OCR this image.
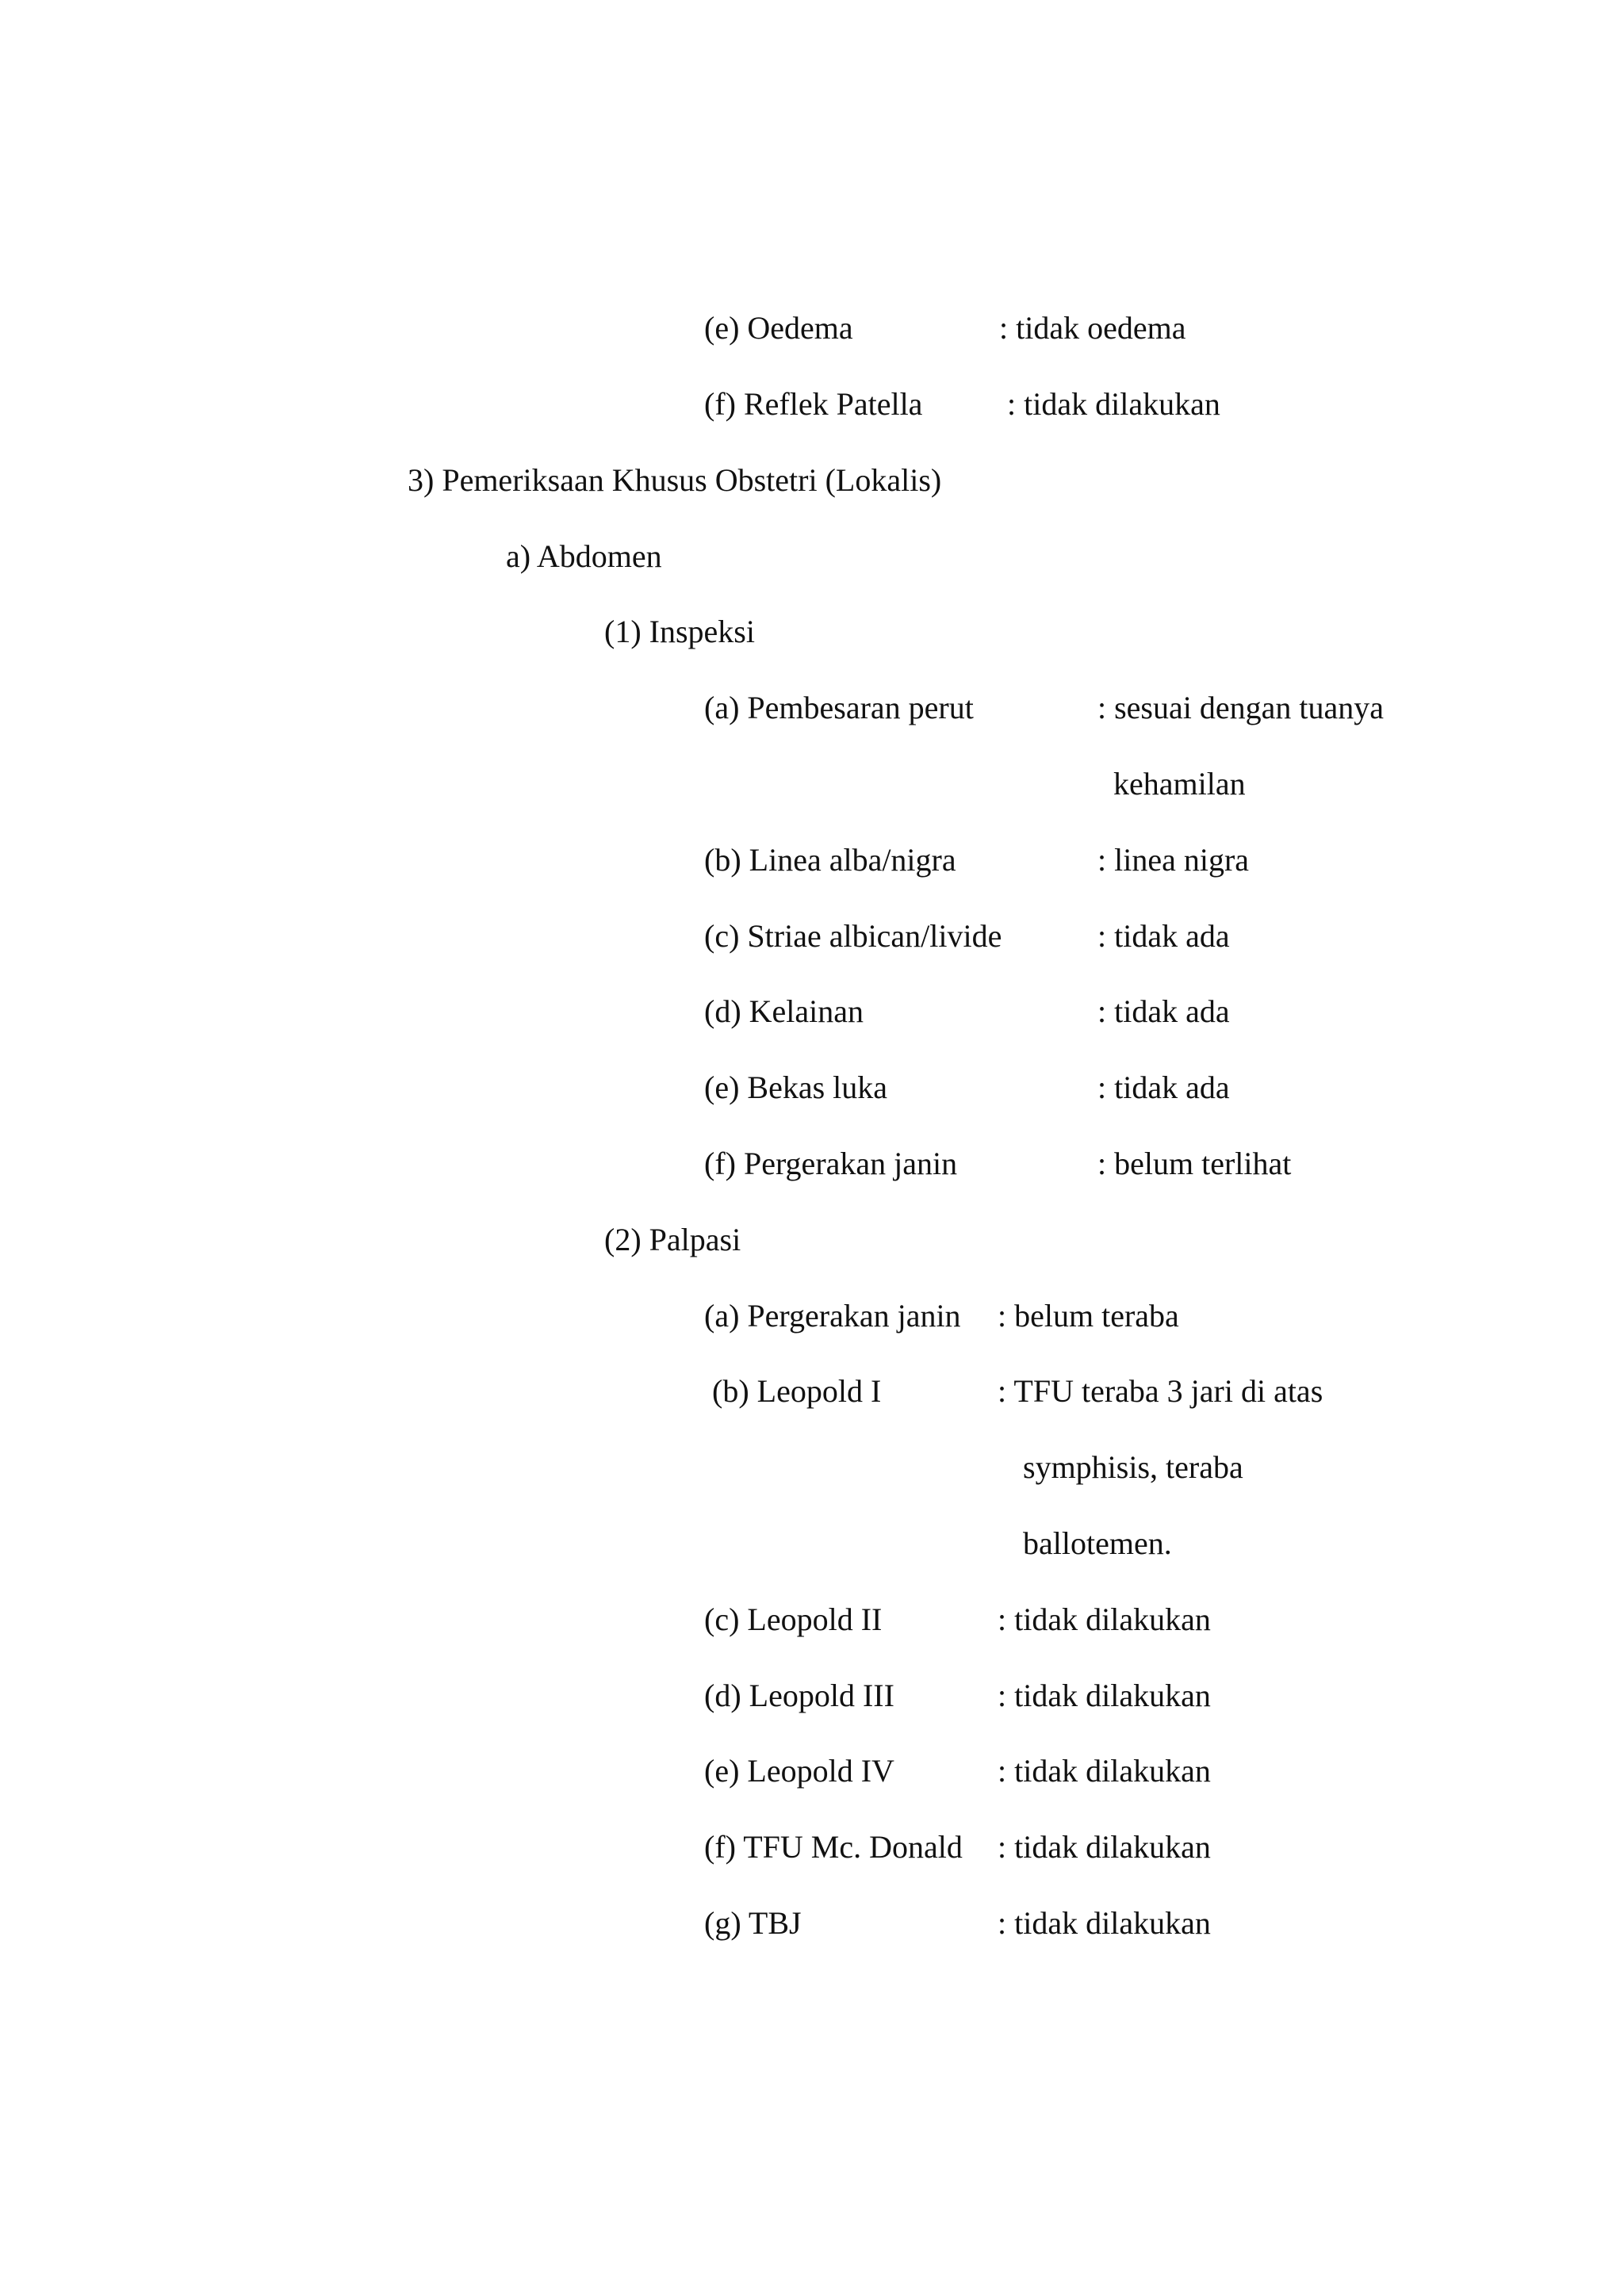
(e) Oedema	: tidak oedema
(f) Reflek Patella	: tidak dilakukan
3) Pemeriksaan Khusus Obstetri (Lokalis)
a) Abdomen
(1) Inspeksi
(a) Pembesaran perut	: sesuai dengan tuanya
kehamilan
(b) Linea alba/nigra	: linea nigra
(c) Striae albican/livide	: tidak ada
(d) Kelainan	: tidak ada
(e) Bekas luka	: tidak ada
(f) Pergerakan janin	: belum terlihat
(2) Palpasi
(a) Pergerakan janin : belum teraba
(b) Leopold I	: TFU teraba 3 jari di atas
symphisis, teraba
ballotemen.
(c) Leopold II	: tidak dilakukan
(d) Leopold III	: tidak dilakukan
(e) Leopold IV	: tidak dilakukan
(f) TFU Mc. Donald : tidak dilakukan
(g) TBJ	: tidak dilakukan
